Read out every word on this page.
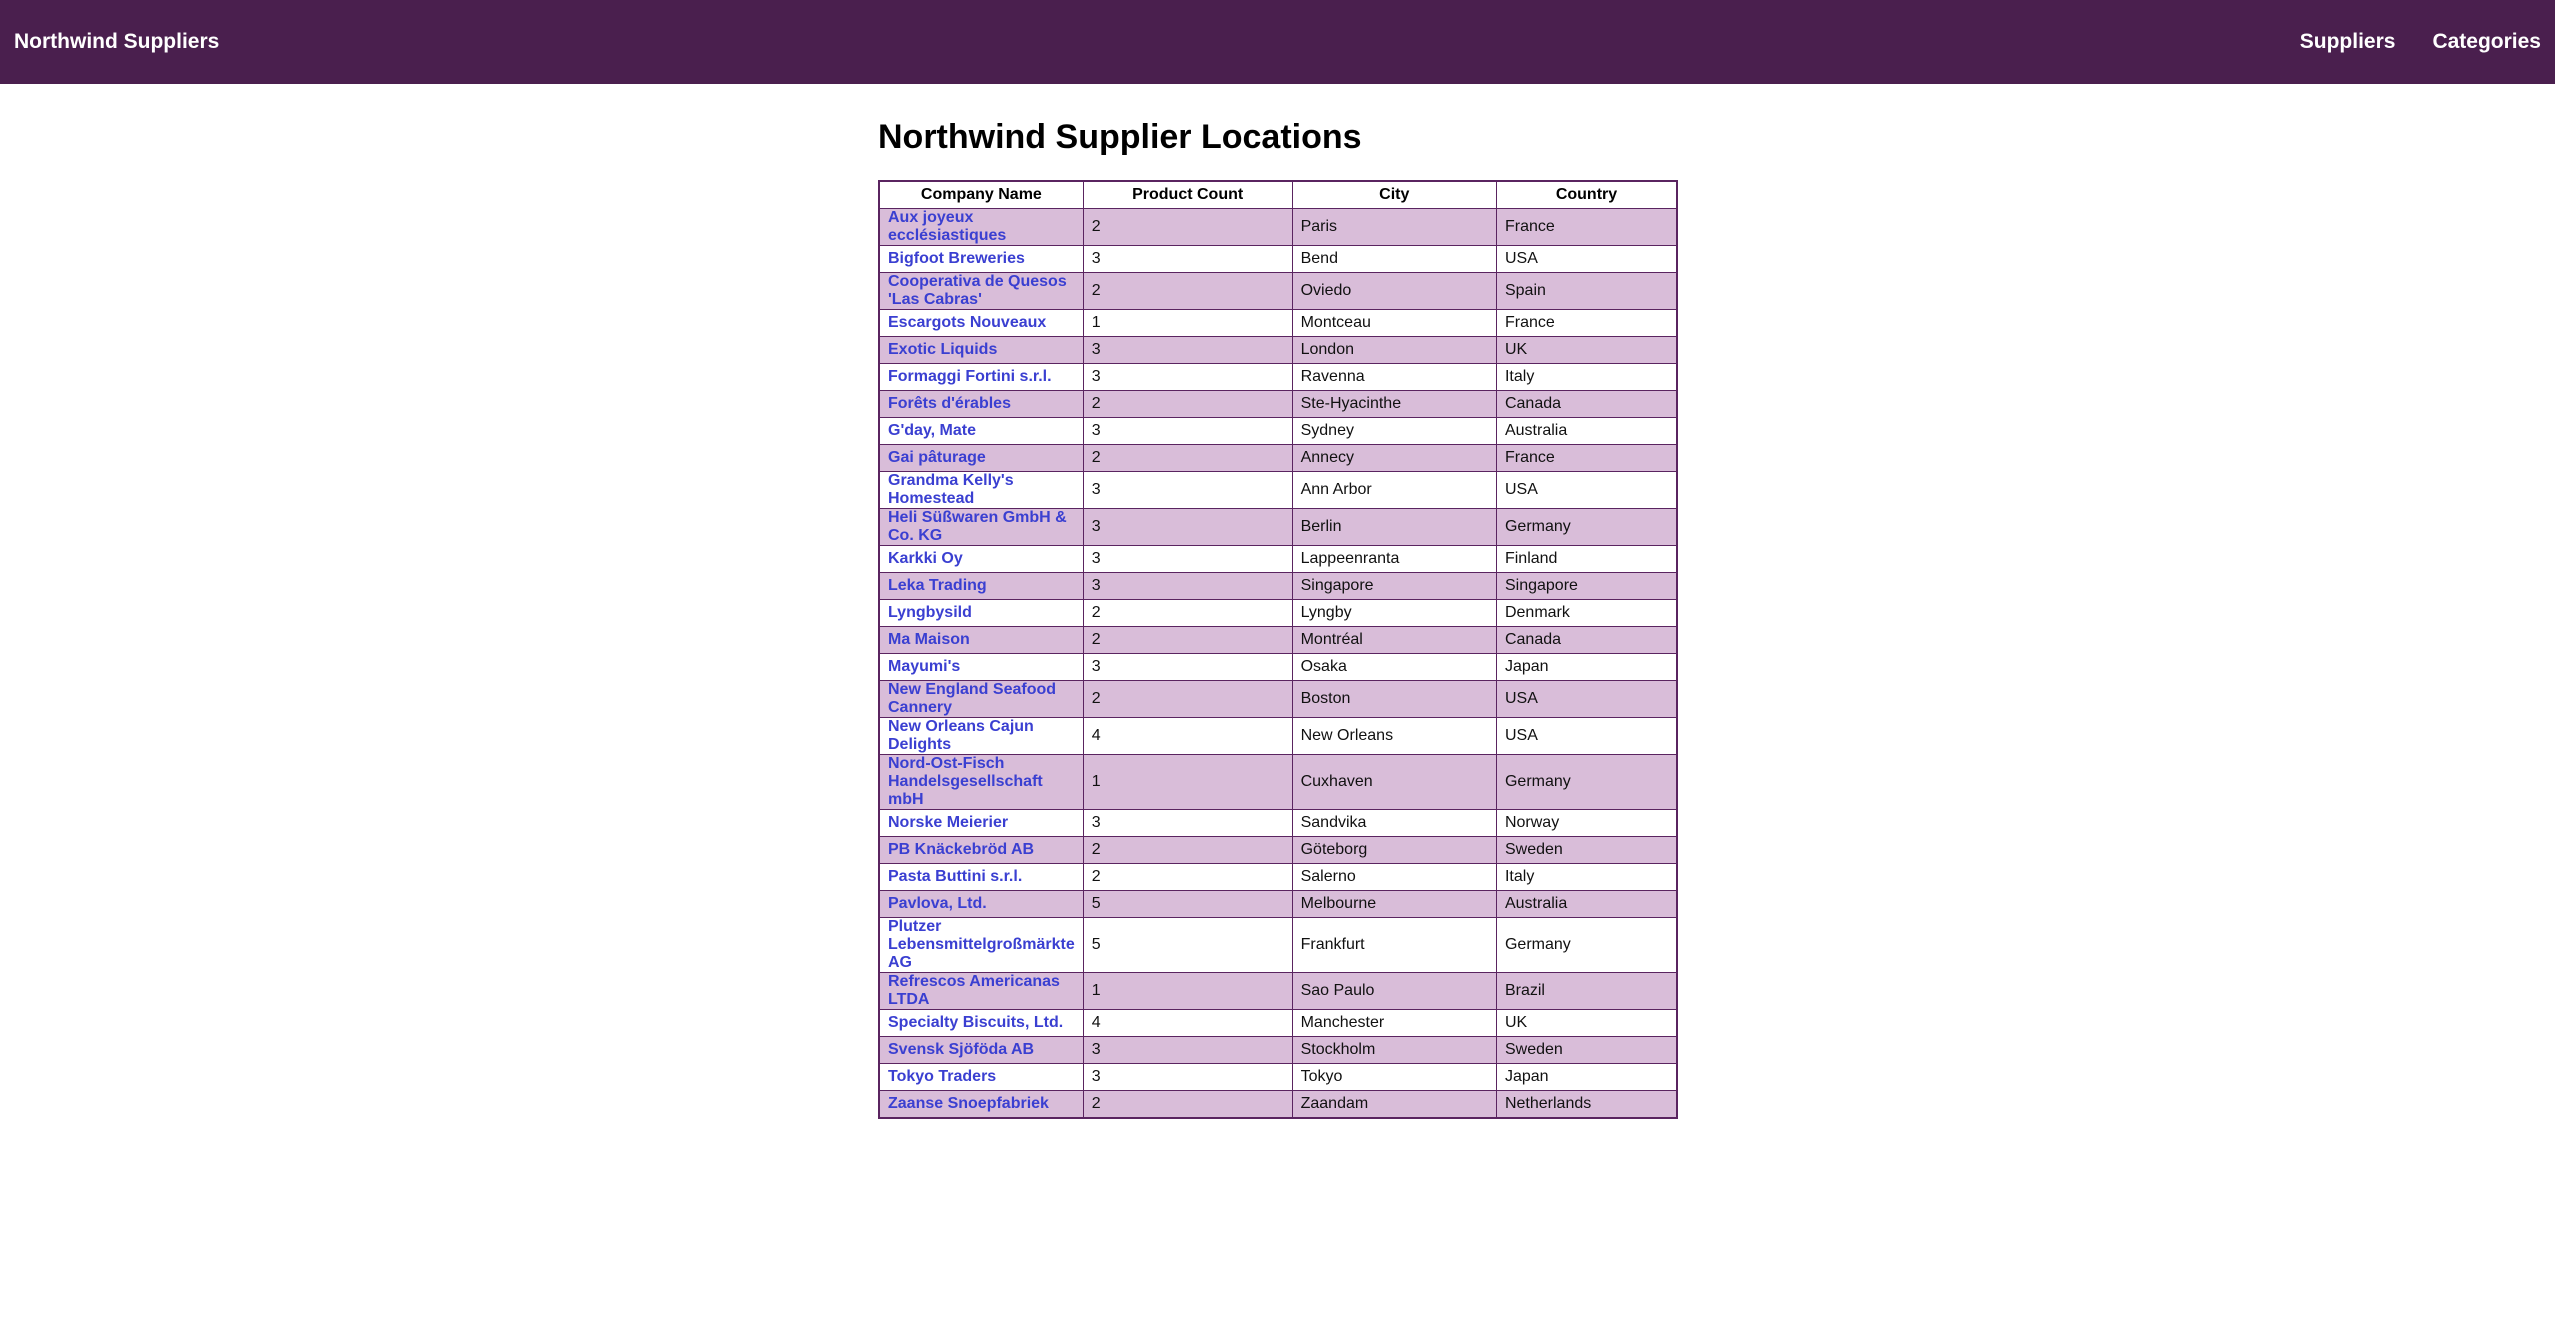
Northwind Suppliers	Suppliers Categories
Northwind Supplier Locations
Company Name	Product Count	City	Country
Aux joyeux ecclésiastiques	2	Paris	France
Bigfoot Breweries	3	Bend	USA
Cooperativa de Quesos 'Las Cabras'	2	Oviedo	Spain
Escargots Nouveaux	1	Montceau	France
Exotic Liquids	3	London	UK
Formaggi Fortini s.r.l.	3	Ravenna	Italy
Forêts d'érables	2	Ste-Hyacinthe	Canada
G'day, Mate	3	Sydney	Australia
Gai pâturage	2	Annecy	France
Grandma Kelly's Homestead	3	Ann Arbor	USA
Heli Süßwaren GmbH & Co. KG	3	Berlin	Germany
Karkki Oy	3	Lappeenranta	Finland
Leka Trading	3	Singapore	Singapore
Lyngbysild	2	Lyngby	Denmark
Ma Maison	2	Montréal	Canada
Mayumi's	3	Osaka	Japan
New England Seafood Cannery	2	Boston	USA
New Orleans Cajun Delights	4	New Orleans	USA
Nord-Ost-Fisch Handelsgesellschaft mbH	1	Cuxhaven	Germany
Norske Meierier	3	Sandvika	Norway
PB Knäckebröd AB	2	Göteborg	Sweden
Pasta Buttini s.r.l.	2	Salerno	Italy
Pavlova, Ltd.	5	Melbourne	Australia
Plutzer Lebensmittelgroßmärkte AG	5	Frankfurt	Germany
Refrescos Americanas LTDA	1	Sao Paulo	Brazil
Specialty Biscuits, Ltd.	4	Manchester	UK
Svensk Sjöföda AB	3	Stockholm	Sweden
Tokyo Traders	3	Tokyo	Japan
Zaanse Snoepfabriek	2	Zaandam	Netherlands
